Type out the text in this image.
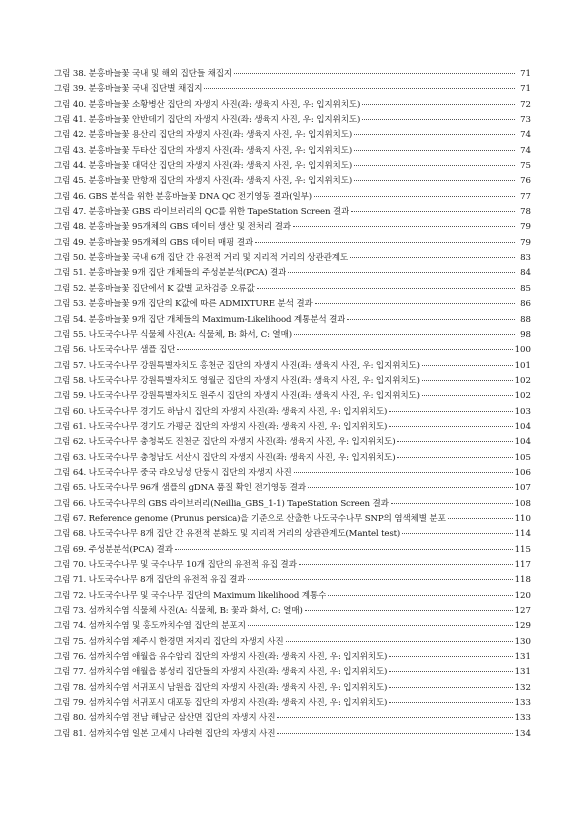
그림 38. 분홍바늘꽃 국내 및 해외 집단들 채집지	71
그림 39. 분홍바늘꽃 국내 집단별 채집지	71
그림 40. 분홍바늘꽃 소황병산 집단의 자생지 사진(좌: 생육지 사진, 우: 입지위치도)	72
그림 41. 분홍바늘꽃 안반데기 집단의 자생지 사진(좌: 생육지 사진, 우: 입지위치도)	73
그림 42. 분홍바늘꽃 용산리 집단의 자생지 사진(좌: 생육지 사진, 우: 입지위치도)	74
그림 43. 분홍바늘꽃 두타산 집단의 자생지 사진(좌: 생육지 사진, 우: 입지위치도)	74
그림 44. 분홍바늘꽃 대덕산 집단의 자생지 사진(좌: 생육지 사진, 우: 입지위치도)	75
그림 45. 분홍바늘꽃 만항재 집단의 자생지 사진(좌: 생육지 사진, 우: 입지위치도)	76
그림 46. GBS 분석을 위한 분홍바늘꽃 DNA QC 전기영동 결과(일부)	77
그림 47. 분홍바늘꽃 GBS 라이브러리의 QC를 위한 TapeStation Screen 결과	78
그림 48. 분홍바늘꽃 95개체의 GBS 데이터 생산 및 전처리 결과	79
그림 49. 분홍바늘꽃 95개체의 GBS 데이터 매핑 결과	79
그림 50. 분홍바늘꽃 국내 6개 집단 간 유전적 거리 및 지리적 거리의 상관관계도	83
그림 51. 분홍바늘꽃 9개 집단 개체들의 주성분분석(PCA) 결과	84
그림 52. 분홍바늘꽃 집단에서 K 값별 교차검증 오류값	85
그림 53. 분홍바늘꽃 9개 집단의 K값에 따른 ADMIXTURE 분석 결과	86
그림 54. 분홍바늘꽃 9개 집단 개체들의 Maximum-Likelihood 계통분석 결과	88
그림 55. 나도국수나무 식물체 사진(A: 식물체, B: 화서, C: 열매)	98
그림 56. 나도국수나무 샘플 집단	100
그림 57. 나도국수나무 강원특별자치도 홍천군 집단의 자생지 사진(좌: 생육지 사진, 우: 입지위치도)	101
그림 58. 나도국수나무 강원특별자치도 영월군 집단의 자생지 사진(좌: 생육지 사진, 우: 입지위치도)	102
그림 59. 나도국수나무 강원특별자치도 원주시 집단의 자생지 사진(좌: 생육지 사진, 우: 입지위치도)	102
그림 60. 나도국수나무 경기도 하남시 집단의 자생지 사진(좌: 생육지 사진, 우: 입지위치도)	103
그림 61. 나도국수나무 경기도 가평군 집단의 자생지 사진(좌: 생육지 사진, 우: 입지위치도)	104
그림 62. 나도국수나무 충청북도 진천군 집단의 자생지 사진(좌: 생육지 사진, 우: 입지위치도)	104
그림 63. 나도국수나무 충청남도 서산시 집단의 자생지 사진(좌: 생육지 사진, 우: 입지위치도)	105
그림 64. 나도국수나무 중국 랴오닝성 단둥시 집단의 자생지 사진	106
그림 65. 나도국수나무 96개 샘플의 gDNA 품질 확인 전기영동 결과	107
그림 66. 나도국수나무의 GBS 라이브러리(Neillia_GBS_1-1) TapeStation Screen 결과	108
그림 67. Reference genome (Prunus persica)을 기준으로 산출한 나도국수나무 SNP의 염색체별 분포	110
그림 68. 나도국수나무 8개 집단 간 유전적 분화도 및 지리적 거리의 상관관계도(Mantel test)	114
그림 69. 주성분분석(PCA) 결과	115
그림 70. 나도국수나무 및 국수나무 10개 집단의 유전적 유집 결과	117
그림 71. 나도국수나무 8개 집단의 유전적 유집 결과	118
그림 72. 나도국수나무 및 국수나무 집단의 Maximum likelihood 계통수	120
그림 73. 섬까치수염 식물체 사진(A: 식물체, B: 꽃과 화서, C: 열매)	127
그림 74. 섬까치수염 및 홍도까치수염 집단의 분포지	129
그림 75. 섬까치수염 제주시 한경면 저지리 집단의 자생지 사진	130
그림 76. 섬까치수염 애월읍 유수암리 집단의 자생지 사진(좌: 생육지 사진, 우: 입지위치도)	131
그림 77. 섬까치수염 애월읍 봉성리 집단들의 자생지 사진(좌: 생육지 사진, 우: 입지위치도)	131
그림 78. 섬까치수염 서귀포시 남원읍 집단의 자생지 사진(좌: 생육지 사진, 우: 입지위치도)	132
그림 79. 섬까치수염 서귀포시 대포동 집단의 자생지 사진(좌: 생육지 사진, 우: 입지위치도)	133
그림 80. 섬까치수염 전남 해남군 삼산면 집단의 자생지 사진	133
그림 81. 섬까치수염 일본 고세시 나라현 집단의 자생지 사진	134
